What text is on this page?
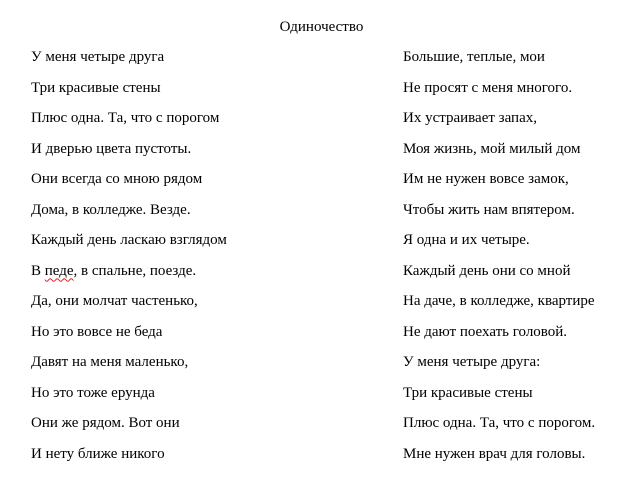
Одиночество
У меня четыре друга
Три красивые стены
Плюс одна. Та, что с порогом
И дверью цвета пустоты.
Они всегда со мною рядом
Дома, в колледже. Везде.
Каждый день ласкаю взглядом
В педе, в спальне, поезде.
Да, они молчат частенько,
Но это вовсе не беда
Давят на меня маленько,
Но это тоже ерунда
Они же рядом. Вот они
И нету ближе никого
Большие, теплые, мои
Не просят с меня многого.
Их устраивает запах,
Моя жизнь, мой милый дом
Им не нужен вовсе замок,
Чтобы жить нам впятером.
Я одна и их четыре.
Каждый день они со мной
На даче, в колледже, квартире
Не дают поехать головой.
У меня четыре друга:
Три красивые стены
Плюс одна. Та, что с порогом.
Мне нужен врач для головы.
